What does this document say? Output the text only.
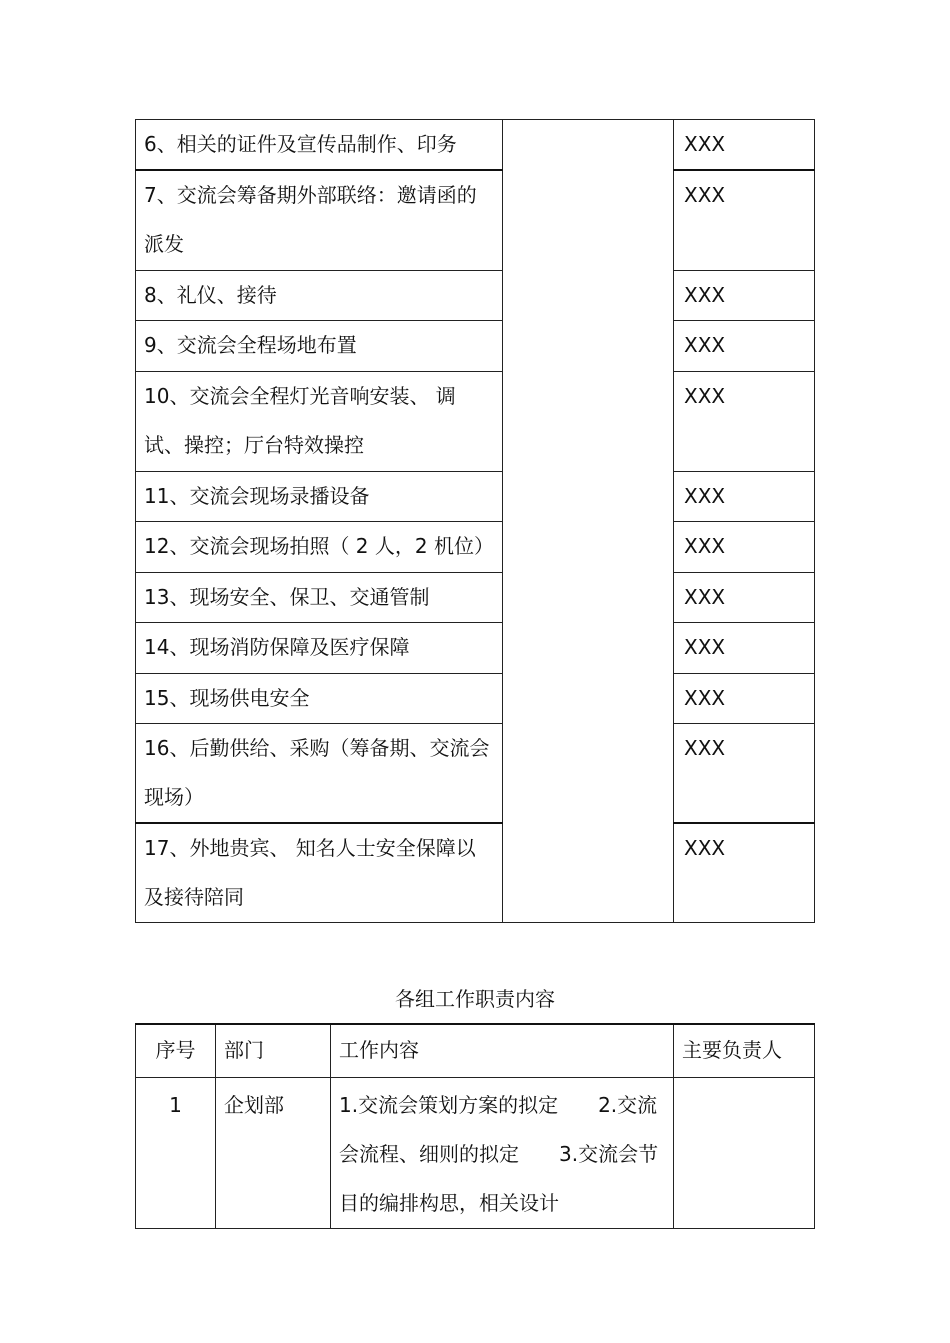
6、相关的证件及宣传品制作、印务		XXX

7、交流会筹备期外部联络：邀请函的派发		XXX

8、礼仪、接待		XXX

9、交流会全程场地布置		XXX

10、交流会全程灯光音响安装、 调试、操控；厅台特效操控		XXX

11、交流会现场录播设备		XXX

12、交流会现场拍照（ 2 人，2 机位）		XXX

13、现场安全、保卫、交通管制		XXX

14、现场消防保障及医疗保障		XXX

15、现场供电安全		XXX

16、后勤供给、采购（筹备期、交流会现场）		XXX

17、外地贵宾、 知名人士安全保障以及接待陪同		XXX
各组工作职责内容
序号	部门	工作内容	主要负责人
1	企划部	1.交流会策划方案的拟定　　2.交流会流程、细则的拟定　　3.交流会节目的编排构思，相关设计	
